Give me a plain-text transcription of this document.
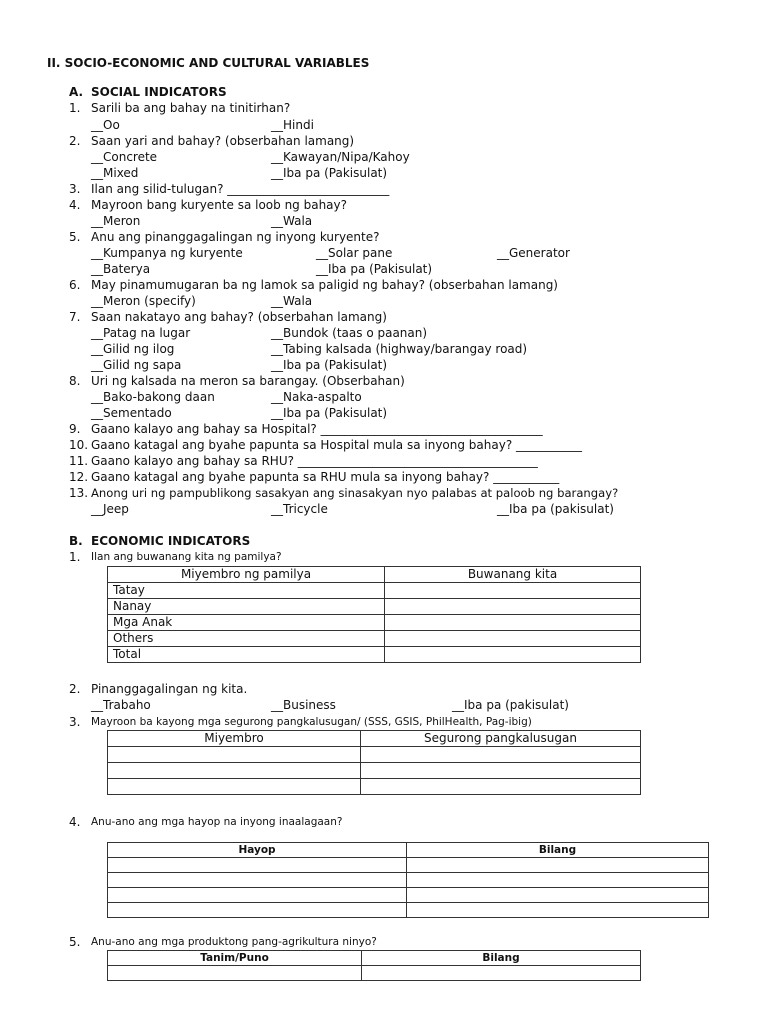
II. SOCIO-ECONOMIC AND CULTURAL VARIABLES
A. SOCIAL INDICATORS
1. Sarili ba ang bahay na tinitirhan?
__Oo	__Hindi
2. Saan yari and bahay? (obserbahan lamang)
__Concrete	__Kawayan/Nipa/Kahoy
__Mixed	__Iba pa (Pakisulat)
3. Ilan ang silid-tulugan? ___________________________
4. Mayroon bang kuryente sa loob ng bahay?
__Meron	__Wala
5. Anu ang pinanggagalingan ng inyong kuryente?
__Kumpanya ng kuryente	__Solar pane	__Generator
__Baterya	__Iba pa (Pakisulat)
6. May pinamumugaran ba ng lamok sa paligid ng bahay? (obserbahan lamang)
__Meron (specify)	__Wala
7. Saan nakatayo ang bahay? (obserbahan lamang)
__Patag na lugar	__Bundok (taas o paanan)
__Gilid ng ilog	__Tabing kalsada (highway/barangay road)
__Gilid ng sapa	__Iba pa (Pakisulat)
8. Uri ng kalsada na meron sa barangay. (Obserbahan)
__Bako-bakong daan	__Naka-aspalto
__Sementado	__Iba pa (Pakisulat)
9. Gaano kalayo ang bahay sa Hospital? _____________________________________
10. Gaano katagal ang byahe papunta sa Hospital mula sa inyong bahay? ___________
11. Gaano kalayo ang bahay sa RHU? ________________________________________
12. Gaano katagal ang byahe papunta sa RHU mula sa inyong bahay? ___________
13. Anong uri ng pampublikong sasakyan ang sinasakyan nyo palabas at paloob ng barangay?
__Jeep	__Tricycle	__Iba pa (pakisulat)
B. ECONOMIC INDICATORS
1. Ilan ang buwanang kita ng pamilya?
Miyembro ng pamilya	Buwanang kita
Tatay	
Nanay	
Mga Anak	
Others	
Total	
2. Pinanggagalingan ng kita.
__Trabaho	__Business	__Iba pa (pakisulat)
3. Mayroon ba kayong mga segurong pangkalusugan/ (SSS, GSIS, PhilHealth, Pag-ibig)
Miyembro	Segurong pangkalusugan

4. Anu-ano ang mga hayop na inyong inaalagaan?
Hayop	Bilang

5. Anu-ano ang mga produktong pang-agrikultura ninyo?
Tanim/Puno	Bilang
